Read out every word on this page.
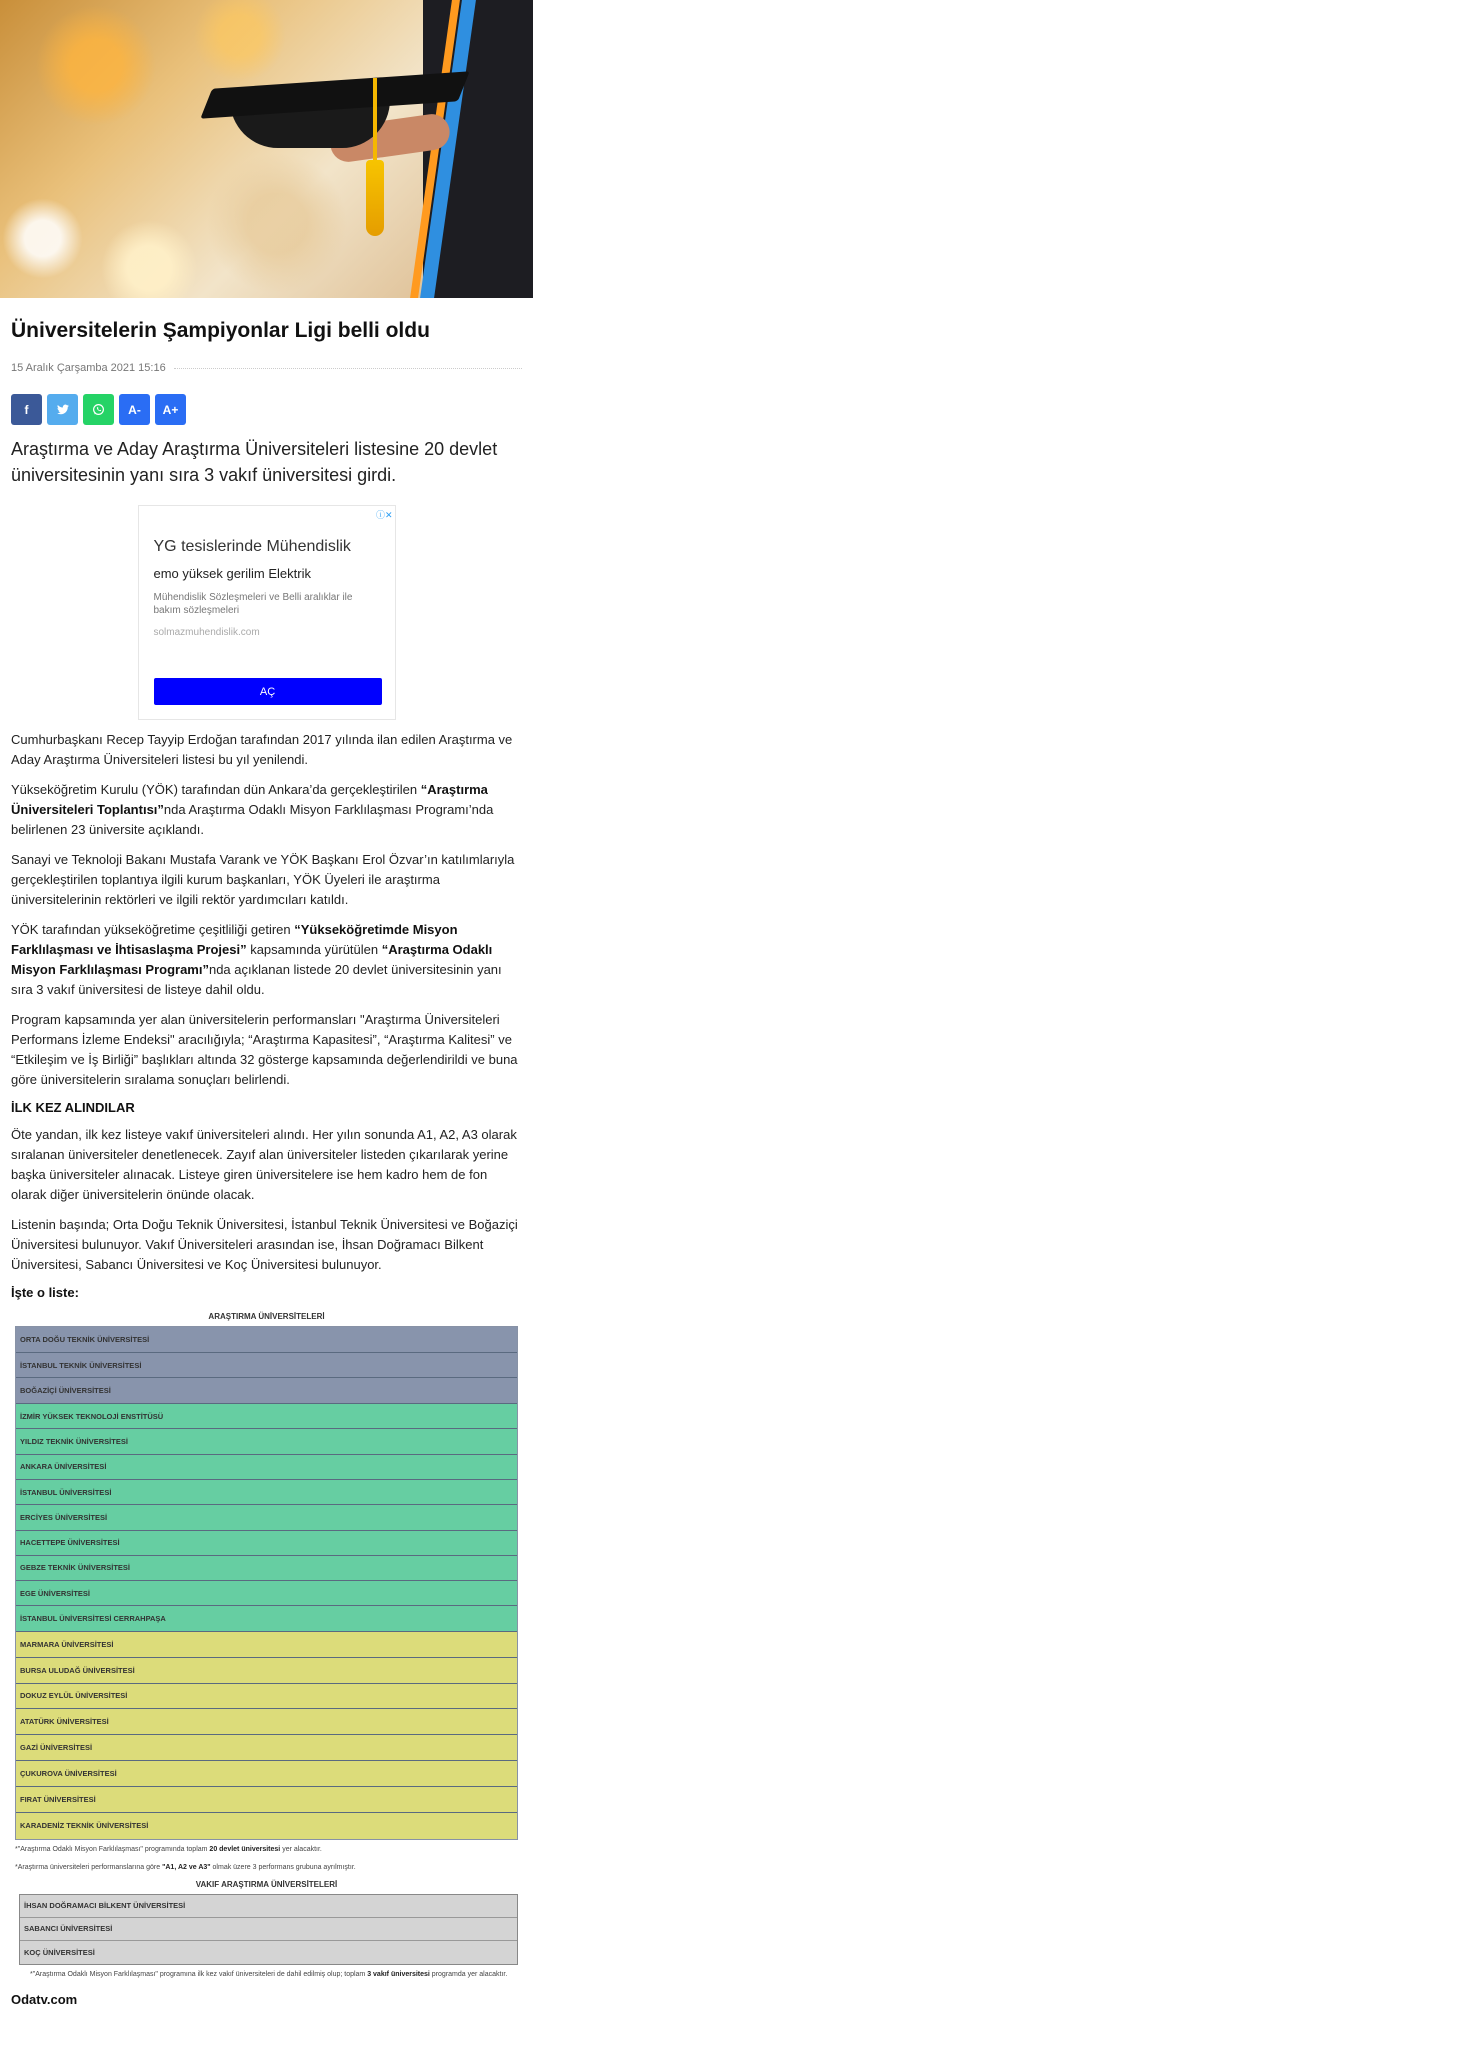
Üniversitelerin Şampiyonlar Ligi belli oldu
15 Aralık Çarşamba 2021 15:16
f	A-	A+
Araştırma ve Aday Araştırma Üniversiteleri listesine 20 devlet üniversitesinin yanı sıra 3 vakıf üniversitesi girdi.
ⓘ✕
YG tesislerinde Mühendislik
emo yüksek gerilim Elektrik
Mühendislik Sözleşmeleri ve Belli aralıklar ile bakım sözleşmeleri
solmazmuhendislik.com
AÇ

Cumhurbaşkanı Recep Tayyip Erdoğan tarafından 2017 yılında ilan edilen Araştırma ve Aday Araştırma Üniversiteleri listesi bu yıl yenilendi.

Yükseköğretim Kurulu (YÖK) tarafından dün Ankara’da gerçekleştirilen “Araştırma Üniversiteleri Toplantısı”nda Araştırma Odaklı Misyon Farklılaşması Programı’nda belirlenen 23 üniversite açıklandı.

Sanayi ve Teknoloji Bakanı Mustafa Varank ve YÖK Başkanı Erol Özvar’ın katılımlarıyla gerçekleştirilen toplantıya ilgili kurum başkanları, YÖK Üyeleri ile araştırma üniversitelerinin rektörleri ve ilgili rektör yardımcıları katıldı.

YÖK tarafından yükseköğretime çeşitliliği getiren “Yükseköğretimde Misyon Farklılaşması ve İhtisaslaşma Projesi” kapsamında yürütülen “Araştırma Odaklı Misyon Farklılaşması Programı”nda açıklanan listede 20 devlet üniversitesinin yanı sıra 3 vakıf üniversitesi de listeye dahil oldu.

Program kapsamında yer alan üniversitelerin performansları "Araştırma Üniversiteleri Performans İzleme Endeksi" aracılığıyla; “Araştırma Kapasitesi”, “Araştırma Kalitesi” ve “Etkileşim ve İş Birliği” başlıkları altında 32 gösterge kapsamında değerlendirildi ve buna göre üniversitelerin sıralama sonuçları belirlendi.

İLK KEZ ALINDILAR

Öte yandan, ilk kez listeye vakıf üniversiteleri alındı. Her yılın sonunda A1, A2, A3 olarak sıralanan üniversiteler denetlenecek. Zayıf alan üniversiteler listeden çıkarılarak yerine başka üniversiteler alınacak. Listeye giren üniversitelere ise hem kadro hem de fon olarak diğer üniversitelerin önünde olacak.

Listenin başında; Orta Doğu Teknik Üniversitesi, İstanbul Teknik Üniversitesi ve Boğaziçi Üniversitesi bulunuyor. Vakıf Üniversiteleri arasından ise, İhsan Doğramacı Bilkent Üniversitesi, Sabancı Üniversitesi ve Koç Üniversitesi bulunuyor.

İşte o liste:
ARAŞTIRMA ÜNİVERSİTELERİ
ORTA DOĞU TEKNİK ÜNİVERSİTESİ
İSTANBUL TEKNİK ÜNİVERSİTESİ
BOĞAZİÇİ ÜNİVERSİTESİ
İZMİR YÜKSEK TEKNOLOJİ ENSTİTÜSÜ
YILDIZ TEKNİK ÜNİVERSİTESİ
ANKARA ÜNİVERSİTESİ
İSTANBUL ÜNİVERSİTESİ
ERCİYES ÜNİVERSİTESİ
HACETTEPE ÜNİVERSİTESİ
GEBZE TEKNİK ÜNİVERSİTESİ
EGE ÜNİVERSİTESİ
İSTANBUL ÜNİVERSİTESİ CERRAHPAŞA
MARMARA ÜNİVERSİTESİ
BURSA ULUDAĞ ÜNİVERSİTESİ
DOKUZ EYLÜL ÜNİVERSİTESİ
ATATÜRK ÜNİVERSİTESİ
GAZİ ÜNİVERSİTESİ
ÇUKUROVA ÜNİVERSİTESİ
FIRAT ÜNİVERSİTESİ
KARADENİZ TEKNİK ÜNİVERSİTESİ
*"Araştırma Odaklı Misyon Farklılaşması" programında toplam 20 devlet üniversitesi yer alacaktır.
*Araştırma üniversiteleri performanslarına göre "A1, A2 ve A3" olmak üzere 3 performans grubuna ayrılmıştır.
VAKIF ARAŞTIRMA ÜNİVERSİTELERİ
İHSAN DOĞRAMACI BİLKENT ÜNİVERSİTESİ
SABANCI ÜNİVERSİTESİ
KOÇ ÜNİVERSİTESİ
*"Araştırma Odaklı Misyon Farklılaşması" programına ilk kez vakıf üniversiteleri de dahil edilmiş olup; toplam 3 vakıf üniversitesi programda yer alacaktır.
Odatv.com
